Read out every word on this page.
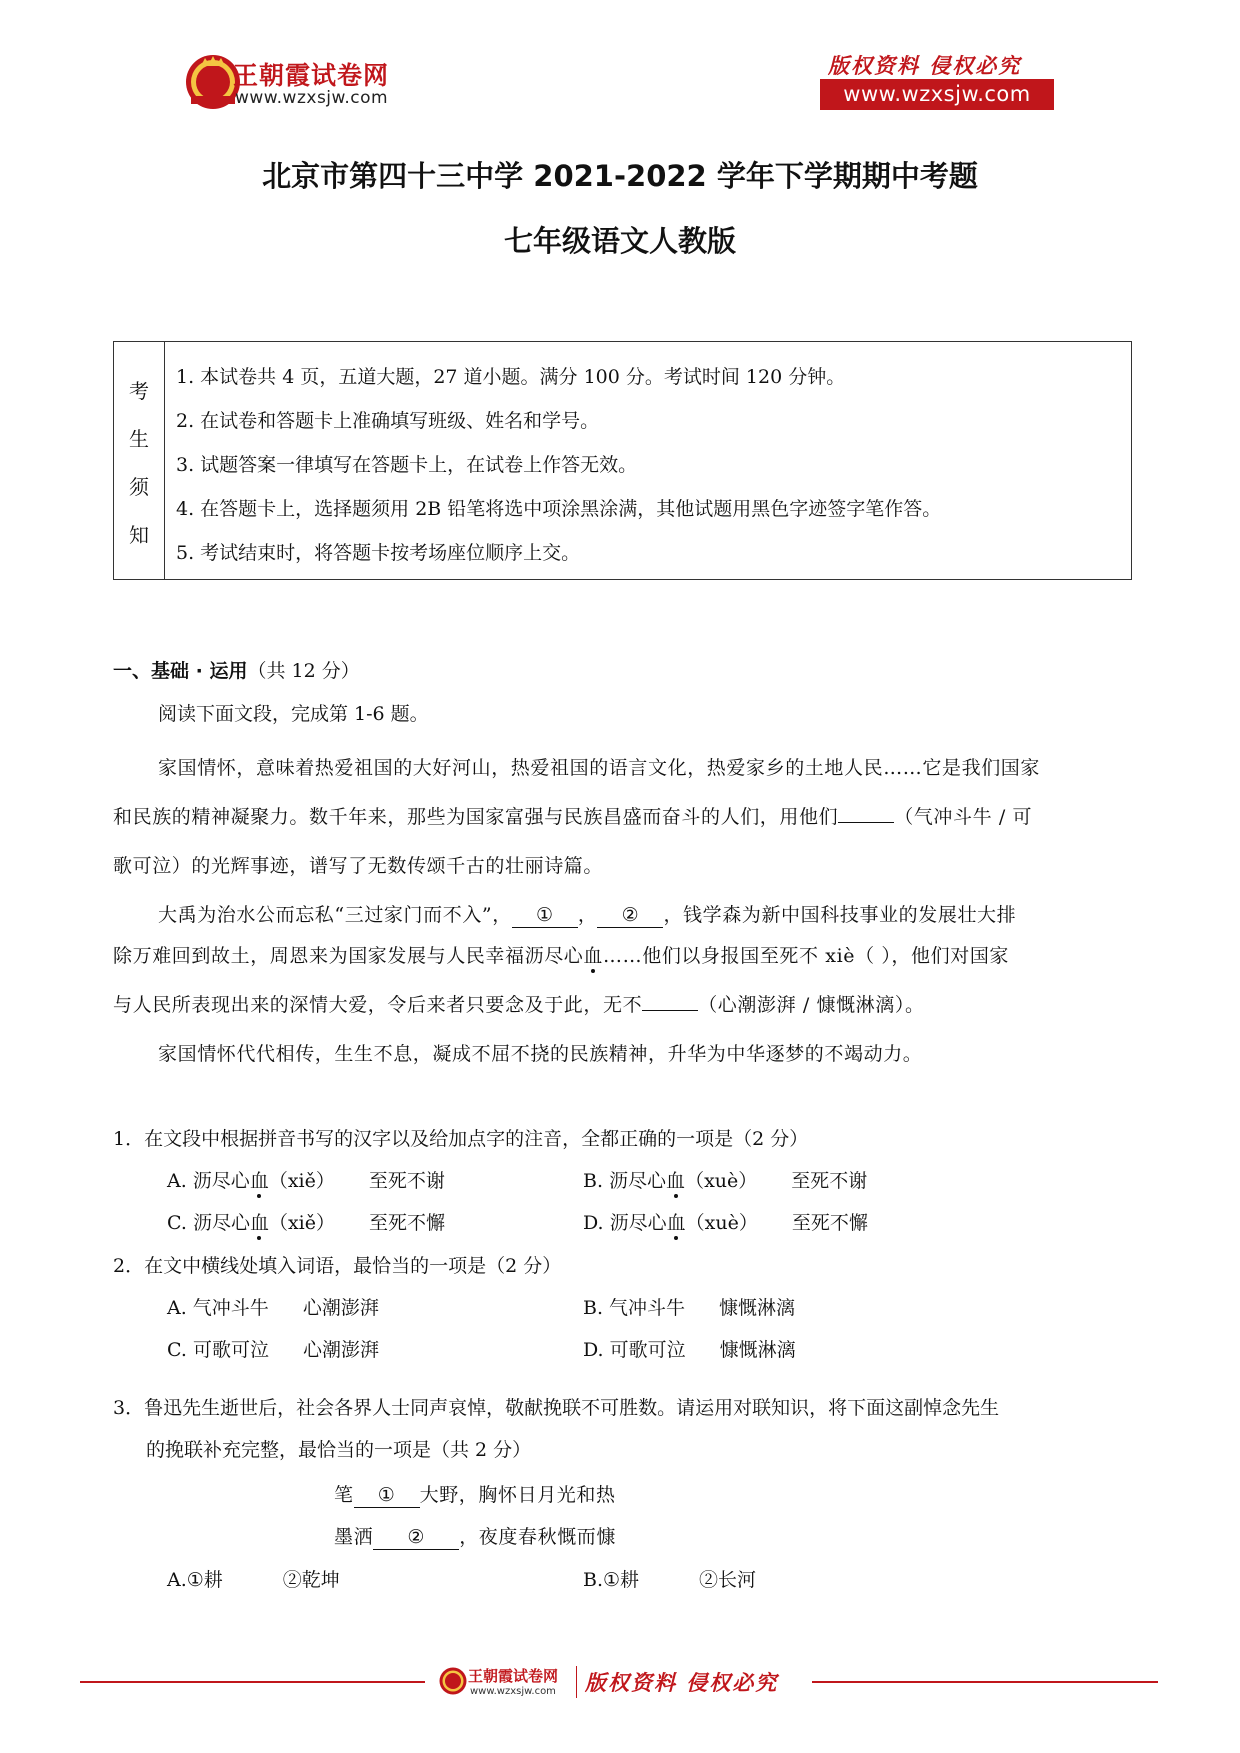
王朝霞试卷网
www.wzxsjw.com
版权资料 侵权必究
www.wzxsjw.com
北京市第四十三中学 2021-2022 学年下学期期中考题
七年级语文人教版
考
生
须
知
1. 本试卷共 4 页，五道大题，27 道小题。满分 100 分。考试时间 120 分钟。
2. 在试卷和答题卡上准确填写班级、姓名和学号。
3. 试题答案一律填写在答题卡上，在试卷上作答无效。
4. 在答题卡上，选择题须用 2B 铅笔将选中项涂黑涂满，其他试题用黑色字迹签字笔作答。
5. 考试结束时，将答题卡按考场座位顺序上交。
一、基础 · 运用（共 12 分）
阅读下面文段，完成第 1-6 题。
家国情怀，意味着热爱祖国的大好河山，热爱祖国的语言文化，热爱家乡的土地人民……它是我们国家
和民族的精神凝聚力。数千年来，那些为国家富强与民族昌盛而奋斗的人们，用他们	（气冲斗牛 / 可
歌可泣）的光辉事迹，谱写了无数传颂千古的壮丽诗篇。
大禹为治水公而忘私“三过家门而不入”， ① ， ② ，钱学森为新中国科技事业的发展壮大排
除万难回到故土，周恩来为国家发展与人民幸福沥尽心血……他们以身报国至死不 xiè（ ），他们对国家
与人民所表现出来的深情大爱，令后来者只要念及于此，无不	（心潮澎湃 / 慷慨淋漓）。
家国情怀代代相传，生生不息，凝成不屈不挠的民族精神，升华为中华逐梦的不竭动力。
1．在文段中根据拼音书写的汉字以及给加点字的注音，全都正确的一项是（2 分）
A. 沥尽心血（xiě） 至死不谢	B. 沥尽心血（xuè） 至死不谢
C. 沥尽心血（xiě） 至死不懈	D. 沥尽心血（xuè） 至死不懈
2．在文中横线处填入词语，最恰当的一项是（2 分）
A. 气冲斗牛 心潮澎湃	B. 气冲斗牛 慷慨淋漓
C. 可歌可泣 心潮澎湃	D. 可歌可泣 慷慨淋漓
3．鲁迅先生逝世后，社会各界人士同声哀悼，敬献挽联不可胜数。请运用对联知识，将下面这副悼念先生
的挽联补充完整，最恰当的一项是（共 2 分）
笔 ① 大野，胸怀日月光和热
墨洒 ② ，夜度春秋慨而慷
A.①耕	②乾坤	B.①耕	②长河
王朝霞试卷网
www.wzxsjw.com 版权资料 侵权必究
